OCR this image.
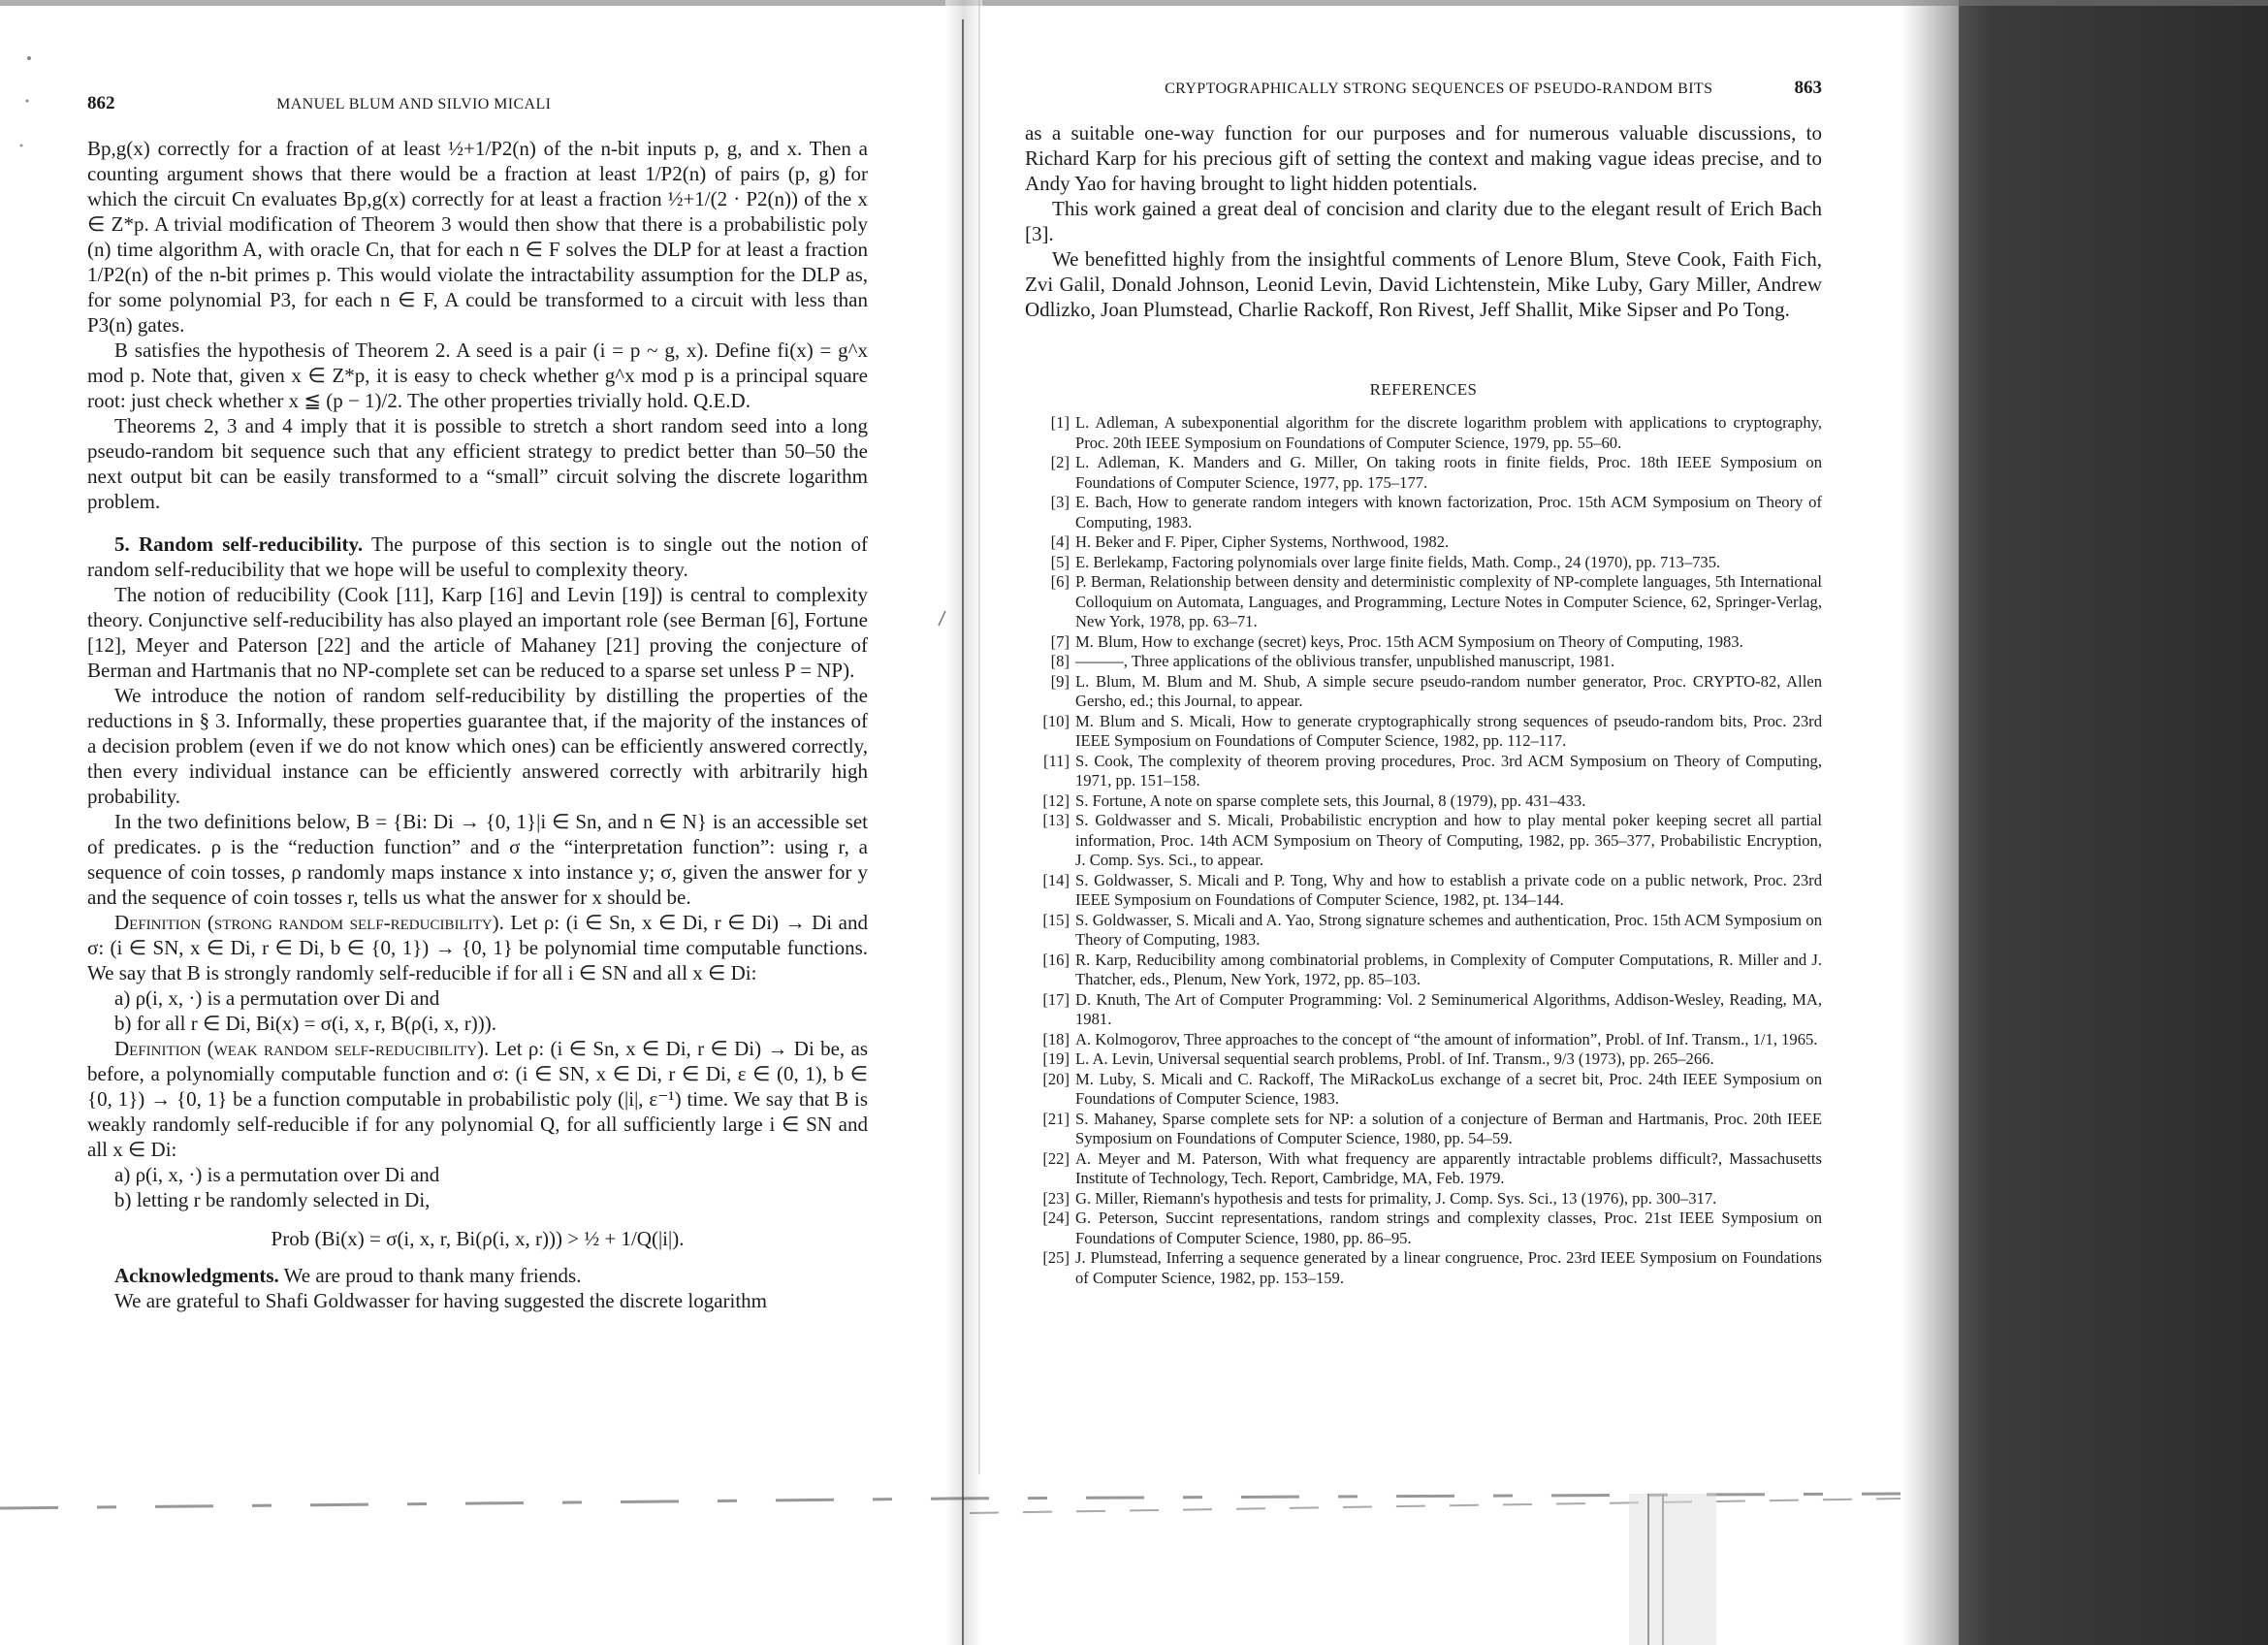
862	MANUEL BLUM AND SILVIO MICALI

Bp,g(x) correctly for a fraction of at least ½+1/P2(n) of the n-bit inputs p, g, and x. Then a counting argument shows that there would be a fraction at least 1/P2(n) of pairs (p, g) for which the circuit Cn evaluates Bp,g(x) correctly for at least a fraction ½+1/(2 · P2(n)) of the x ∈ Z*p. A trivial modification of Theorem 3 would then show that there is a probabilistic poly (n) time algorithm A, with oracle Cn, that for each n ∈ F solves the DLP for at least a fraction 1/P2(n) of the n-bit primes p. This would violate the intractability assumption for the DLP as, for some polynomial P3, for each n ∈ F, A could be transformed to a circuit with less than P3(n) gates.

B satisfies the hypothesis of Theorem 2. A seed is a pair (i = p ~ g, x). Define fi(x) = g^x mod p. Note that, given x ∈ Z*p, it is easy to check whether g^x mod p is a principal square root: just check whether x ≦ (p − 1)/2. The other properties trivially hold. Q.E.D.

Theorems 2, 3 and 4 imply that it is possible to stretch a short random seed into a long pseudo-random bit sequence such that any efficient strategy to predict better than 50–50 the next output bit can be easily transformed to a “small” circuit solving the discrete logarithm problem.

5. Random self-reducibility. The purpose of this section is to single out the notion of random self-reducibility that we hope will be useful to complexity theory.

The notion of reducibility (Cook [11], Karp [16] and Levin [19]) is central to complexity theory. Conjunctive self-reducibility has also played an important role (see Berman [6], Fortune [12], Meyer and Paterson [22] and the article of Mahaney [21] proving the conjecture of Berman and Hartmanis that no NP-complete set can be reduced to a sparse set unless P = NP).

We introduce the notion of random self-reducibility by distilling the properties of the reductions in § 3. Informally, these properties guarantee that, if the majority of the instances of a decision problem (even if we do not know which ones) can be efficiently answered correctly, then every individual instance can be efficiently answered correctly with arbitrarily high probability.

In the two definitions below, B = {Bi: Di → {0, 1}|i ∈ Sn, and n ∈ N} is an accessible set of predicates. ρ is the “reduction function” and σ the “interpretation function”: using r, a sequence of coin tosses, ρ randomly maps instance x into instance y; σ, given the answer for y and the sequence of coin tosses r, tells us what the answer for x should be.

Definition (strong random self-reducibility). Let ρ: (i ∈ Sn, x ∈ Di, r ∈ Di) → Di and σ: (i ∈ SN, x ∈ Di, r ∈ Di, b ∈ {0, 1}) → {0, 1} be polynomial time computable functions. We say that B is strongly randomly self-reducible if for all i ∈ SN and all x ∈ Di:

a) ρ(i, x, ·) is a permutation over Di and

b) for all r ∈ Di, Bi(x) = σ(i, x, r, B(ρ(i, x, r))).

Definition (weak random self-reducibility). Let ρ: (i ∈ Sn, x ∈ Di, r ∈ Di) → Di be, as before, a polynomially computable function and σ: (i ∈ SN, x ∈ Di, r ∈ Di, ε ∈ (0, 1), b ∈ {0, 1}) → {0, 1} be a function computable in probabilistic poly (|i|, ε⁻¹) time. We say that B is weakly randomly self-reducible if for any polynomial Q, for all sufficiently large i ∈ SN and all x ∈ Di:

a) ρ(i, x, ·) is a permutation over Di and

b) letting r be randomly selected in Di,

Prob (Bi(x) = σ(i, x, r, Bi(ρ(i, x, r))) > ½ + 1/Q(|i|).

Acknowledgments. We are proud to thank many friends.

We are grateful to Shafi Goldwasser for having suggested the discrete logarithm

CRYPTOGRAPHICALLY STRONG SEQUENCES OF PSEUDO-RANDOM BITS	863

as a suitable one-way function for our purposes and for numerous valuable discussions, to Richard Karp for his precious gift of setting the context and making vague ideas precise, and to Andy Yao for having brought to light hidden potentials.

This work gained a great deal of concision and clarity due to the elegant result of Erich Bach [3].

We benefitted highly from the insightful comments of Lenore Blum, Steve Cook, Faith Fich, Zvi Galil, Donald Johnson, Leonid Levin, David Lichtenstein, Mike Luby, Gary Miller, Andrew Odlizko, Joan Plumstead, Charlie Rackoff, Ron Rivest, Jeff Shallit, Mike Sipser and Po Tong.

REFERENCES
[1] L. Adleman, A subexponential algorithm for the discrete logarithm problem with applications to cryptography, Proc. 20th IEEE Symposium on Foundations of Computer Science, 1979, pp. 55–60.
[2] L. Adleman, K. Manders and G. Miller, On taking roots in finite fields, Proc. 18th IEEE Symposium on Foundations of Computer Science, 1977, pp. 175–177.
[3] E. Bach, How to generate random integers with known factorization, Proc. 15th ACM Symposium on Theory of Computing, 1983.
[4] H. Beker and F. Piper, Cipher Systems, Northwood, 1982.
[5] E. Berlekamp, Factoring polynomials over large finite fields, Math. Comp., 24 (1970), pp. 713–735.
[6] P. Berman, Relationship between density and deterministic complexity of NP-complete languages, 5th International Colloquium on Automata, Languages, and Programming, Lecture Notes in Computer Science, 62, Springer-Verlag, New York, 1978, pp. 63–71.
[7] M. Blum, How to exchange (secret) keys, Proc. 15th ACM Symposium on Theory of Computing, 1983.
[8] ———, Three applications of the oblivious transfer, unpublished manuscript, 1981.
[9] L. Blum, M. Blum and M. Shub, A simple secure pseudo-random number generator, Proc. CRYPTO-82, Allen Gersho, ed.; this Journal, to appear.
[10] M. Blum and S. Micali, How to generate cryptographically strong sequences of pseudo-random bits, Proc. 23rd IEEE Symposium on Foundations of Computer Science, 1982, pp. 112–117.
[11] S. Cook, The complexity of theorem proving procedures, Proc. 3rd ACM Symposium on Theory of Computing, 1971, pp. 151–158.
[12] S. Fortune, A note on sparse complete sets, this Journal, 8 (1979), pp. 431–433.
[13] S. Goldwasser and S. Micali, Probabilistic encryption and how to play mental poker keeping secret all partial information, Proc. 14th ACM Symposium on Theory of Computing, 1982, pp. 365–377, Probabilistic Encryption, J. Comp. Sys. Sci., to appear.
[14] S. Goldwasser, S. Micali and P. Tong, Why and how to establish a private code on a public network, Proc. 23rd IEEE Symposium on Foundations of Computer Science, 1982, pt. 134–144.
[15] S. Goldwasser, S. Micali and A. Yao, Strong signature schemes and authentication, Proc. 15th ACM Symposium on Theory of Computing, 1983.
[16] R. Karp, Reducibility among combinatorial problems, in Complexity of Computer Computations, R. Miller and J. Thatcher, eds., Plenum, New York, 1972, pp. 85–103.
[17] D. Knuth, The Art of Computer Programming: Vol. 2 Seminumerical Algorithms, Addison-Wesley, Reading, MA, 1981.
[18] A. Kolmogorov, Three approaches to the concept of “the amount of information”, Probl. of Inf. Transm., 1/1, 1965.
[19] L. A. Levin, Universal sequential search problems, Probl. of Inf. Transm., 9/3 (1973), pp. 265–266.
[20] M. Luby, S. Micali and C. Rackoff, The MiRackoLus exchange of a secret bit, Proc. 24th IEEE Symposium on Foundations of Computer Science, 1983.
[21] S. Mahaney, Sparse complete sets for NP: a solution of a conjecture of Berman and Hartmanis, Proc. 20th IEEE Symposium on Foundations of Computer Science, 1980, pp. 54–59.
[22] A. Meyer and M. Paterson, With what frequency are apparently intractable problems difficult?, Massachusetts Institute of Technology, Tech. Report, Cambridge, MA, Feb. 1979.
[23] G. Miller, Riemann's hypothesis and tests for primality, J. Comp. Sys. Sci., 13 (1976), pp. 300–317.
[24] G. Peterson, Succint representations, random strings and complexity classes, Proc. 21st IEEE Symposium on Foundations of Computer Science, 1980, pp. 86–95.
[25] J. Plumstead, Inferring a sequence generated by a linear congruence, Proc. 23rd IEEE Symposium on Foundations of Computer Science, 1982, pp. 153–159.
